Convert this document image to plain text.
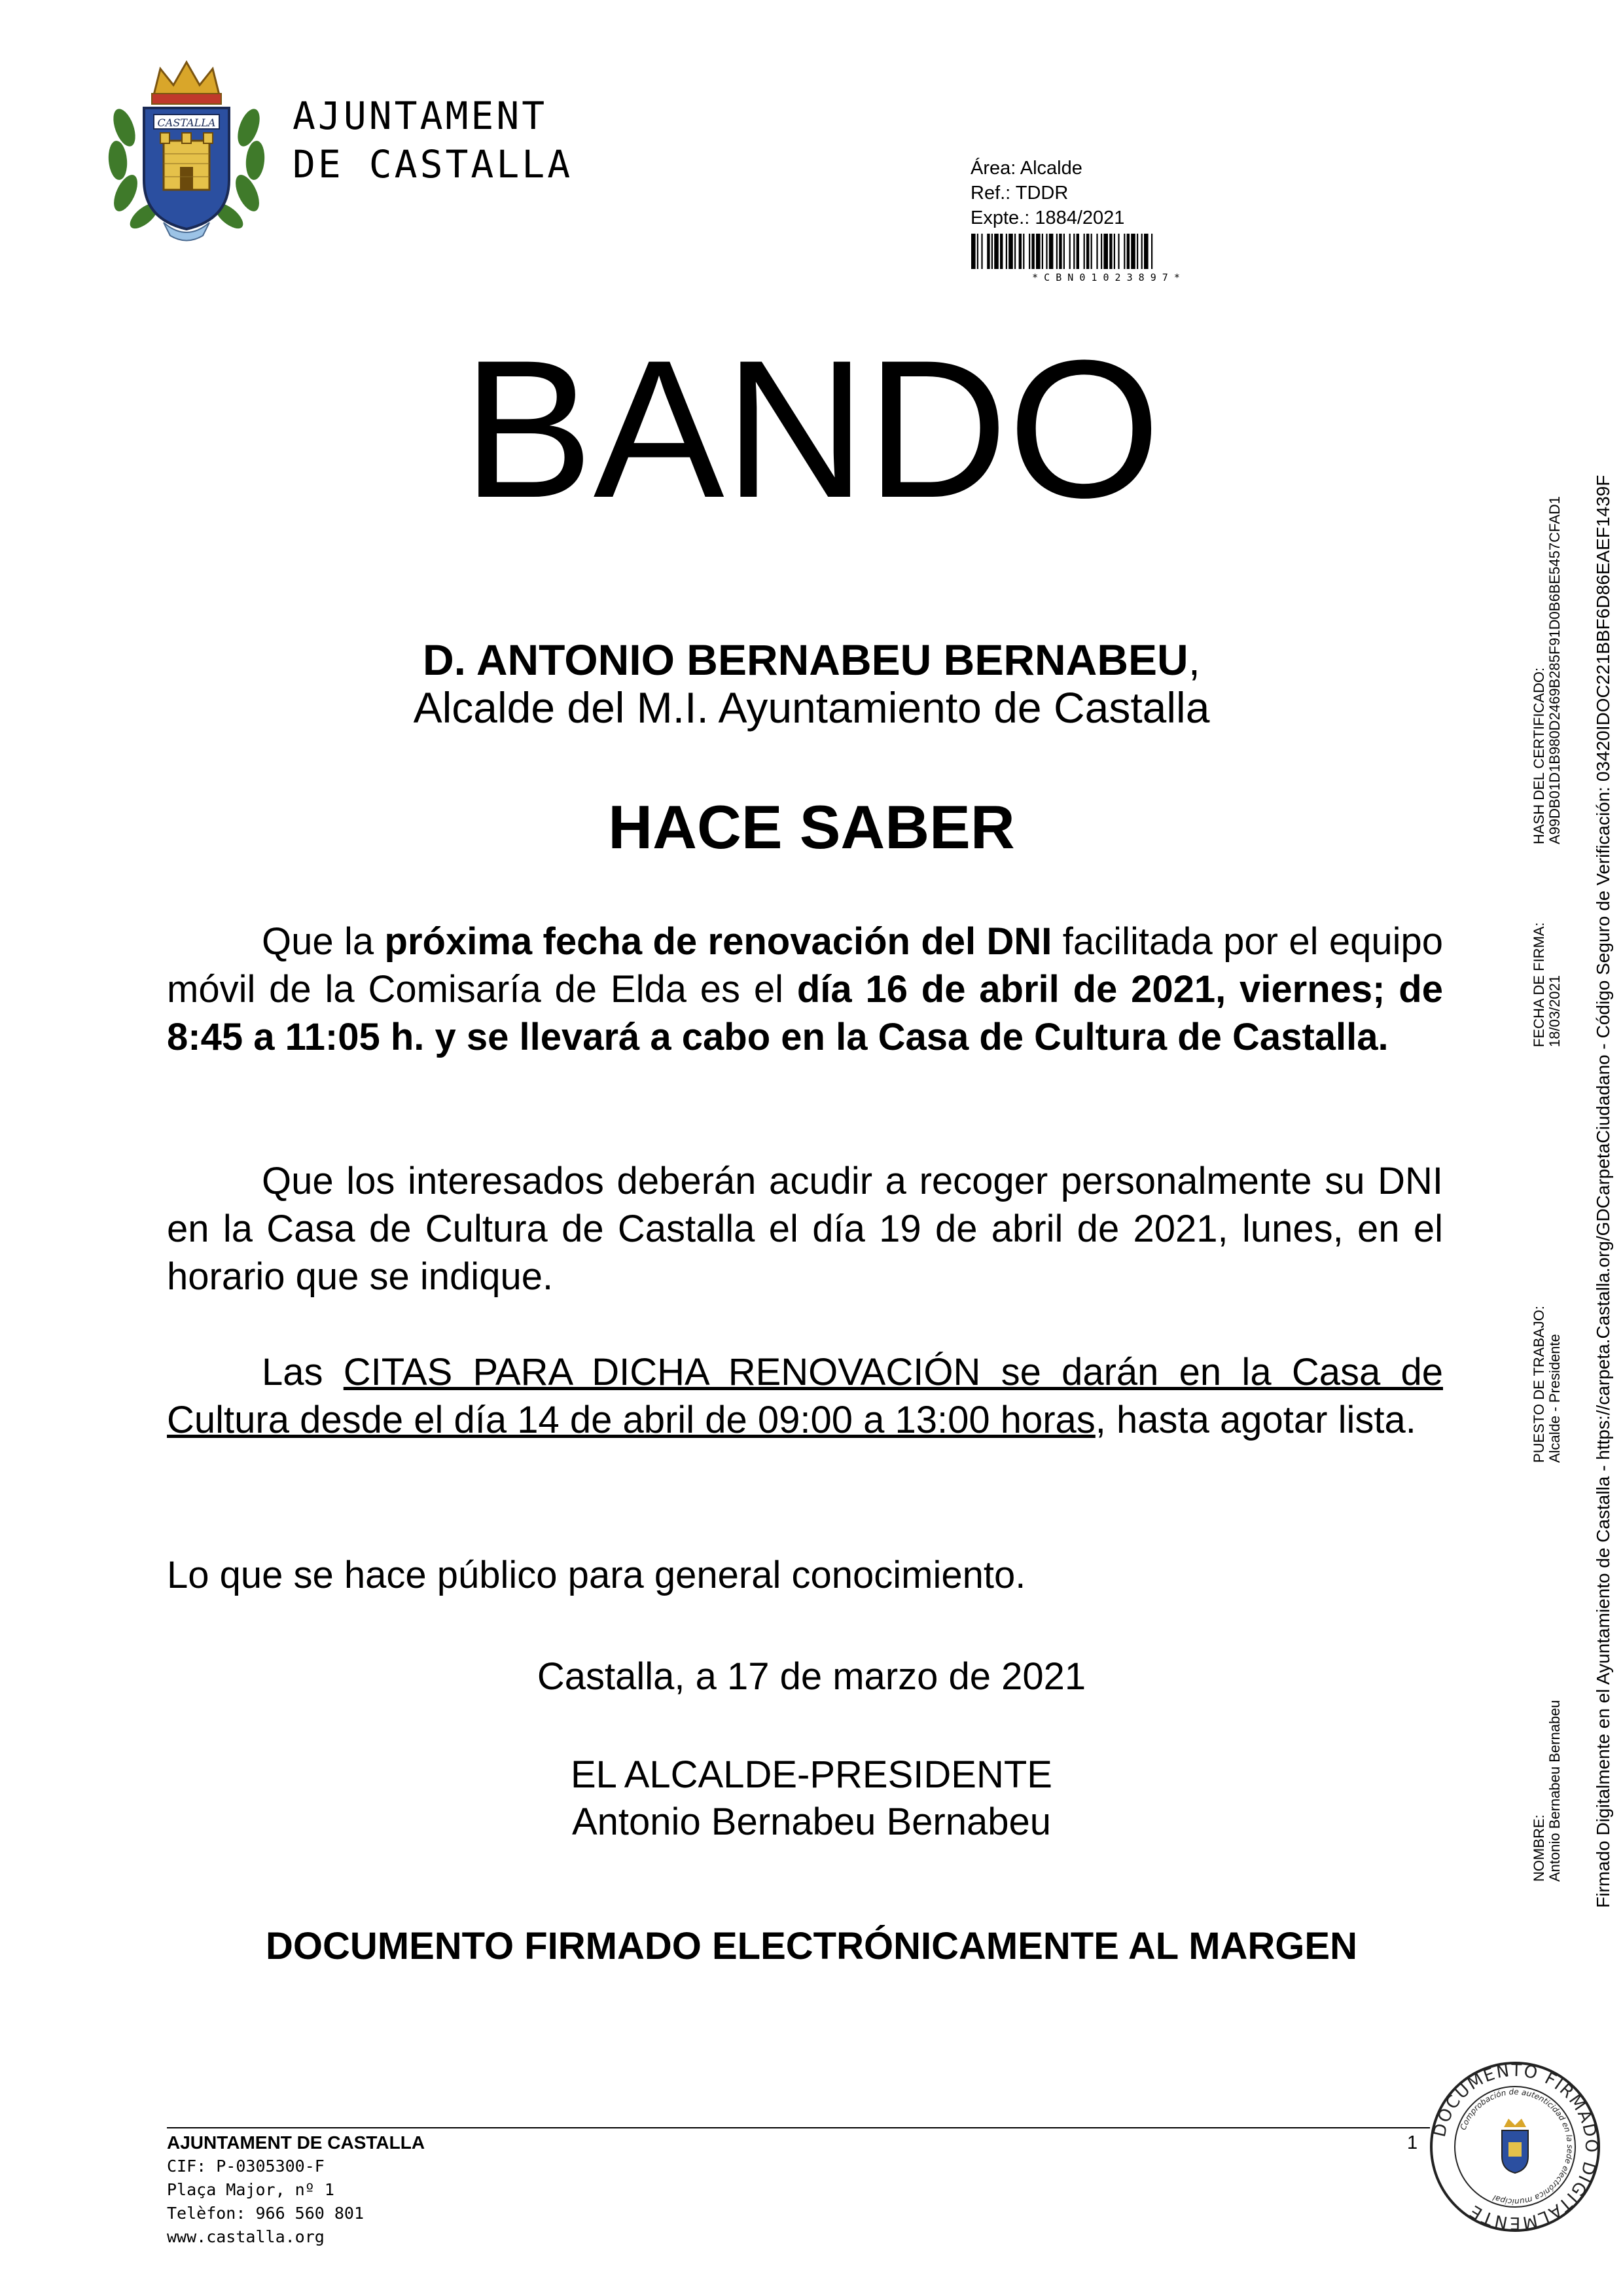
CASTALLA AJUNTAMENT
DE CASTALLA	Área: Alcalde
Ref.: TDDR
Expte.: 1884/2021
* C B N 0 1 0 2 3 8 9 7 *
BANDO
D. ANTONIO BERNABEU BERNABEU,
Alcalde del M.I. Ayuntamiento de Castalla
HACE SABER
Que la próxima fecha de renovación del DNI facilitada por el equipo móvil de la Comisaría de Elda es el día 16 de abril de 2021, viernes; de 8:45 a 11:05 h. y se llevará a cabo en la Casa de Cultura de Castalla.
Que los interesados deberán acudir a recoger personalmente su DNI en la Casa de Cultura de Castalla el día 19 de abril de 2021, lunes, en el horario que se indique.
Las CITAS PARA DICHA RENOVACIÓN se darán en la Casa de Cultura desde el día 14 de abril de 09:00 a 13:00 horas, hasta agotar lista.
Lo que se hace público para general conocimiento.
Castalla, a 17 de marzo de 2021
EL ALCALDE-PRESIDENTE
Antonio Bernabeu Bernabeu
DOCUMENTO FIRMADO ELECTRÓNICAMENTE AL MARGEN
AJUNTAMENT DE CASTALLA
CIF: P-0305300-F
Plaça Major, nº 1
Telèfon: 966 560 801
www.castalla.org
1
DOCUMENTO FIRMADO DIGITALMENTE
Comprobación de autenticidad en la sede electrónica municipal
NOMBRE: Antonio Bernabeu Bernabeu
PUESTO DE TRABAJO: Alcalde - Presidente
FECHA DE FIRMA: 18/03/2021
HASH DEL CERTIFICADO: A99DB01D1B980D2469B285F91D0B6BE5457CFAD1 Firmado Digitalmente en el Ayuntamiento de Castalla - https://carpeta.Castalla.org/GDCarpetaCiudadano - Código Seguro de Verificación: 03420IDOC221BBF6D86EAEF1439F
